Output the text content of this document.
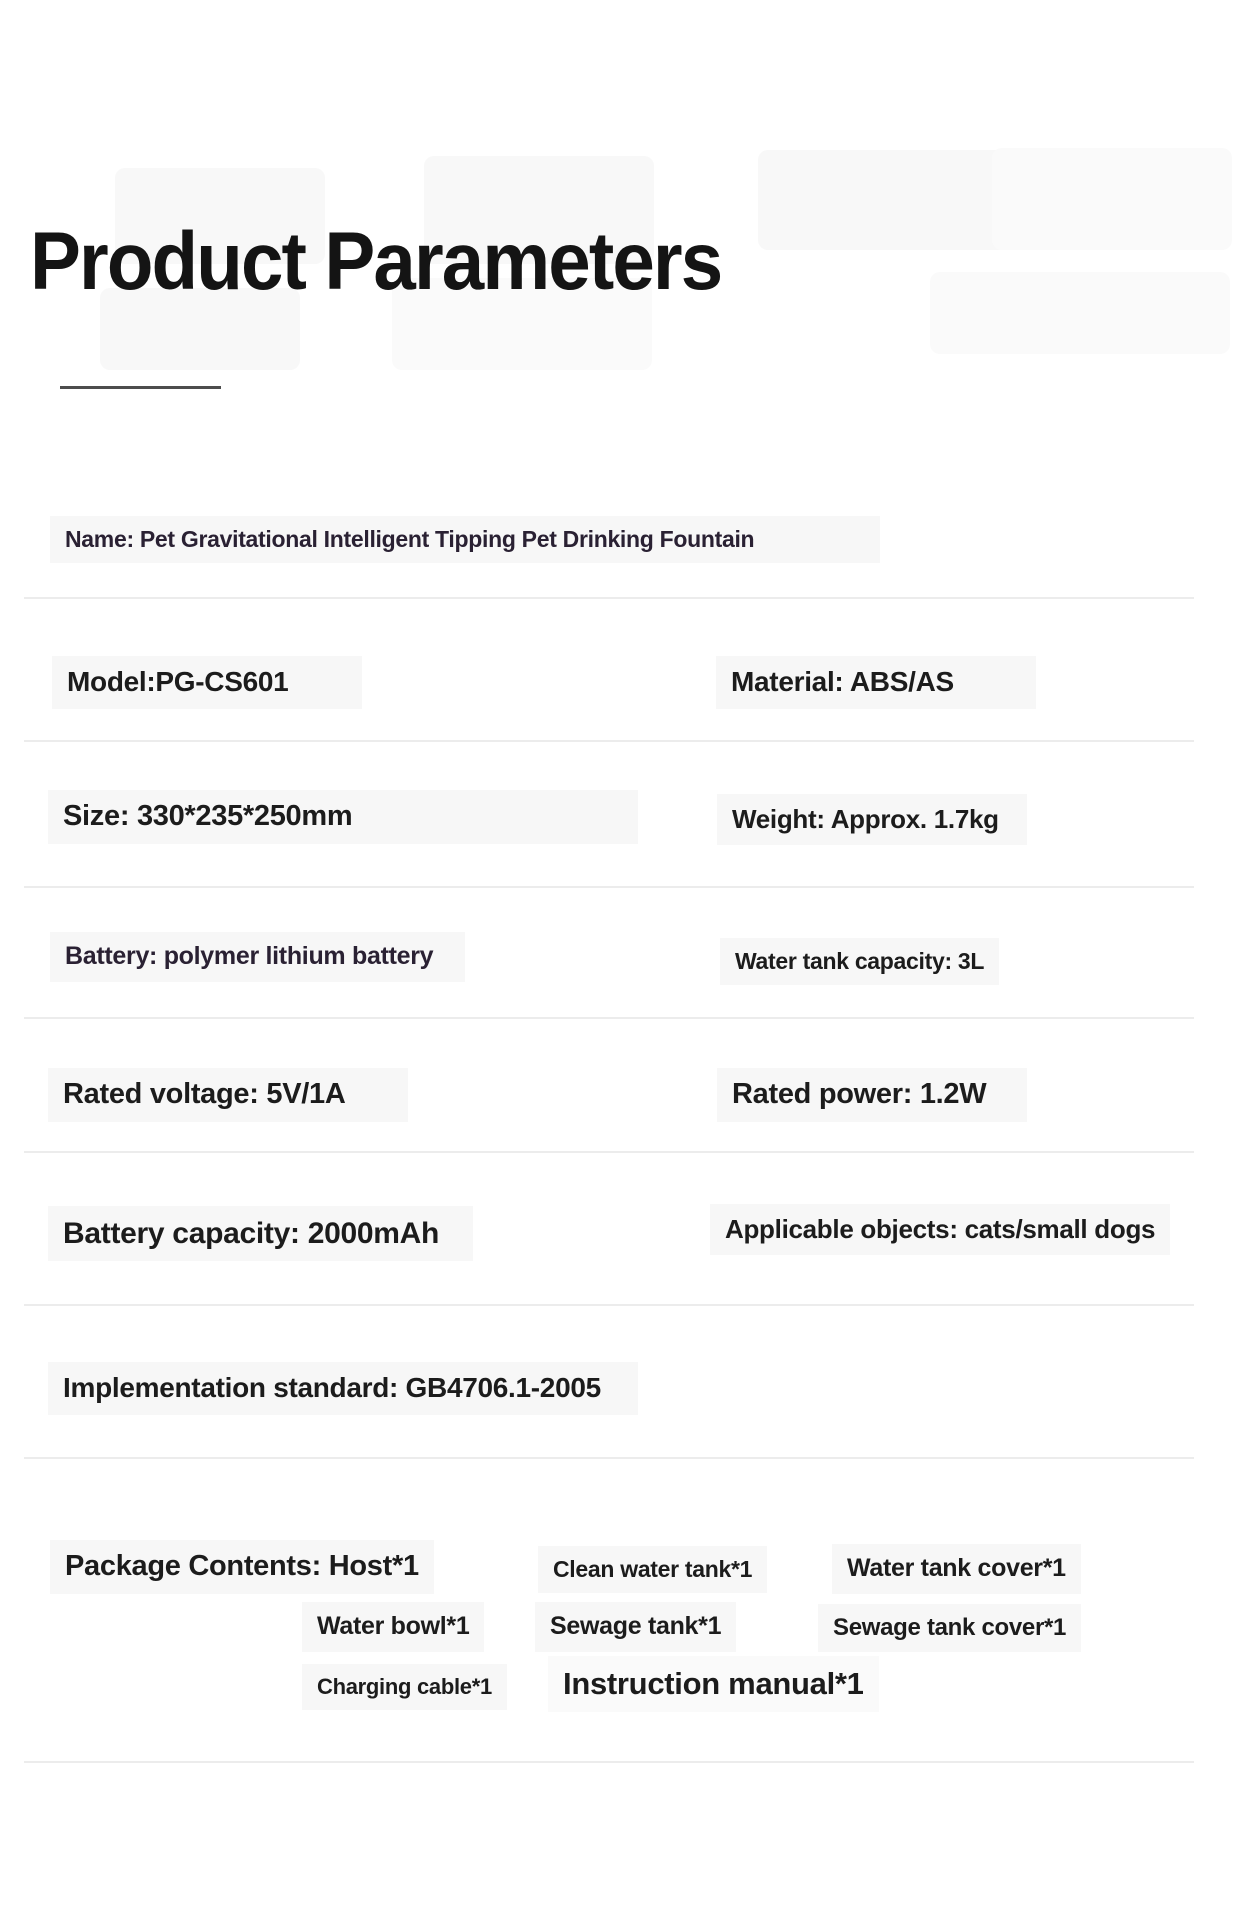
Product Parameters
Name: Pet Gravitational Intelligent Tipping Pet Drinking Fountain
Model:PG-CS601	Material: ABS/AS
Size: 330*235*250mm	Weight: Approx. 1.7kg
Battery: polymer lithium battery	Water tank capacity: 3L
Rated voltage: 5V/1A	Rated power: 1.2W
Battery capacity: 2000mAh	Applicable objects: cats/small dogs
Implementation standard: GB4706.1-2005
Package Contents: Host*1	Clean water tank*1	Water tank cover*1
Water bowl*1	Sewage tank*1	Sewage tank cover*1
Charging cable*1	Instruction manual*1
